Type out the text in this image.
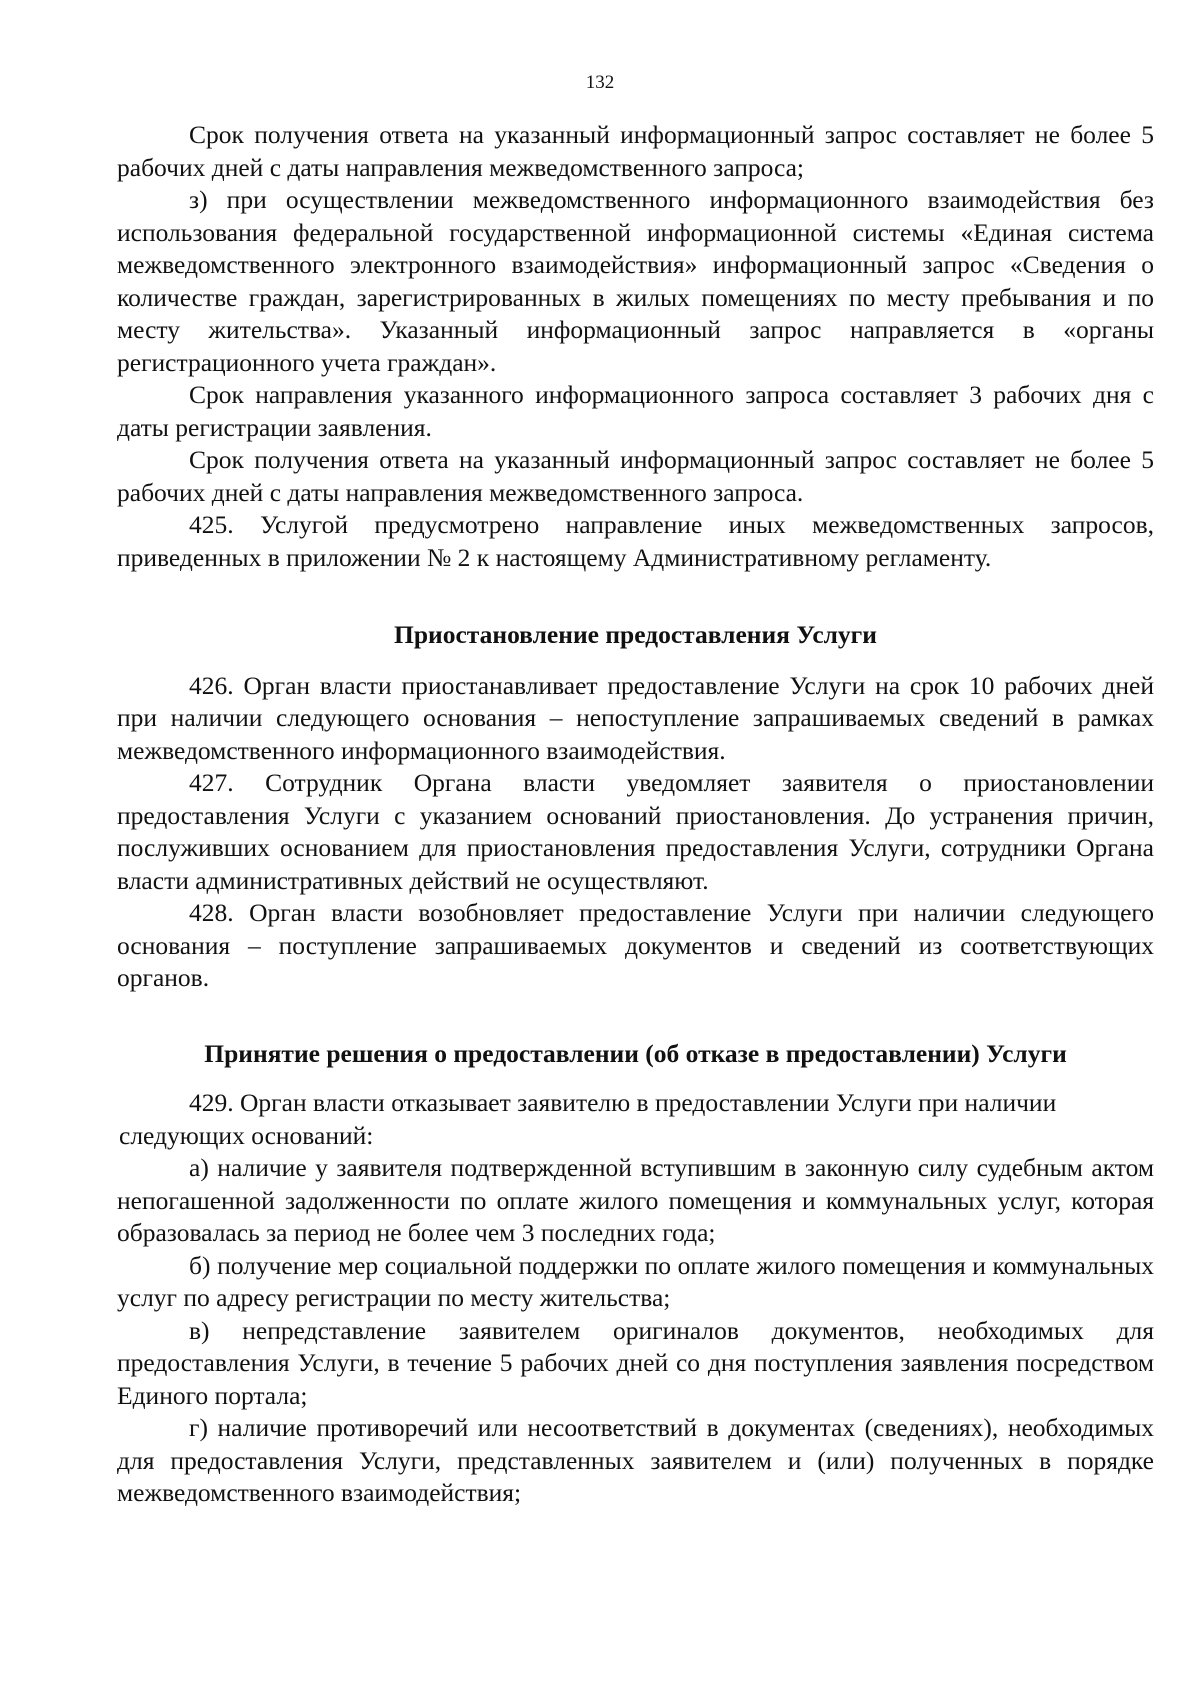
132

Срок получения ответа на указанный информационный запрос составляет не более 5 рабочих дней с даты направления межведомственного запроса;

з) при осуществлении межведомственного информационного взаимодействия без использования федеральной государственной информационной системы «Единая система межведомственного электронного взаимодействия» информационный запрос «Сведения о количестве граждан, зарегистрированных в жилых помещениях по месту пребывания и по месту жительства». Указанный информационный запрос направляется в «органы регистрационного учета граждан».

Срок направления указанного информационного запроса составляет 3 рабочих дня с даты регистрации заявления.

Срок получения ответа на указанный информационный запрос составляет не более 5 рабочих дней с даты направления межведомственного запроса.

425. Услугой предусмотрено направление иных межведомственных запросов, приведенных в приложении № 2 к настоящему Административному регламенту.

Приостановление предоставления Услуги

426. Орган власти приостанавливает предоставление Услуги на срок 10 рабочих дней при наличии следующего основания – непоступление запрашиваемых сведений в рамках межведомственного информационного взаимодействия.

427. Сотрудник Органа власти уведомляет заявителя о приостановлении предоставления Услуги с указанием оснований приостановления. До устранения причин, послуживших основанием для приостановления предоставления Услуги, сотрудники Органа власти административных действий не осуществляют.

428. Орган власти возобновляет предоставление Услуги при наличии следующего основания – поступление запрашиваемых документов и сведений из соответствующих органов.

Принятие решения о предоставлении (об отказе в предоставлении) Услуги

429. Орган власти отказывает заявителю в предоставлении Услуги при наличии

следующих оснований:

а) наличие у заявителя подтвержденной вступившим в законную силу судебным актом непогашенной задолженности по оплате жилого помещения и коммунальных услуг, которая образовалась за период не более чем 3 последних года;

б) получение мер социальной поддержки по оплате жилого помещения и коммунальных услуг по адресу регистрации по месту жительства;

в) непредставление заявителем оригиналов документов, необходимых для предоставления Услуги, в течение 5 рабочих дней со дня поступления заявления посредством Единого портала;

г) наличие противоречий или несоответствий в документах (сведениях), необходимых для предоставления Услуги, представленных заявителем и (или) полученных в порядке межведомственного взаимодействия;
